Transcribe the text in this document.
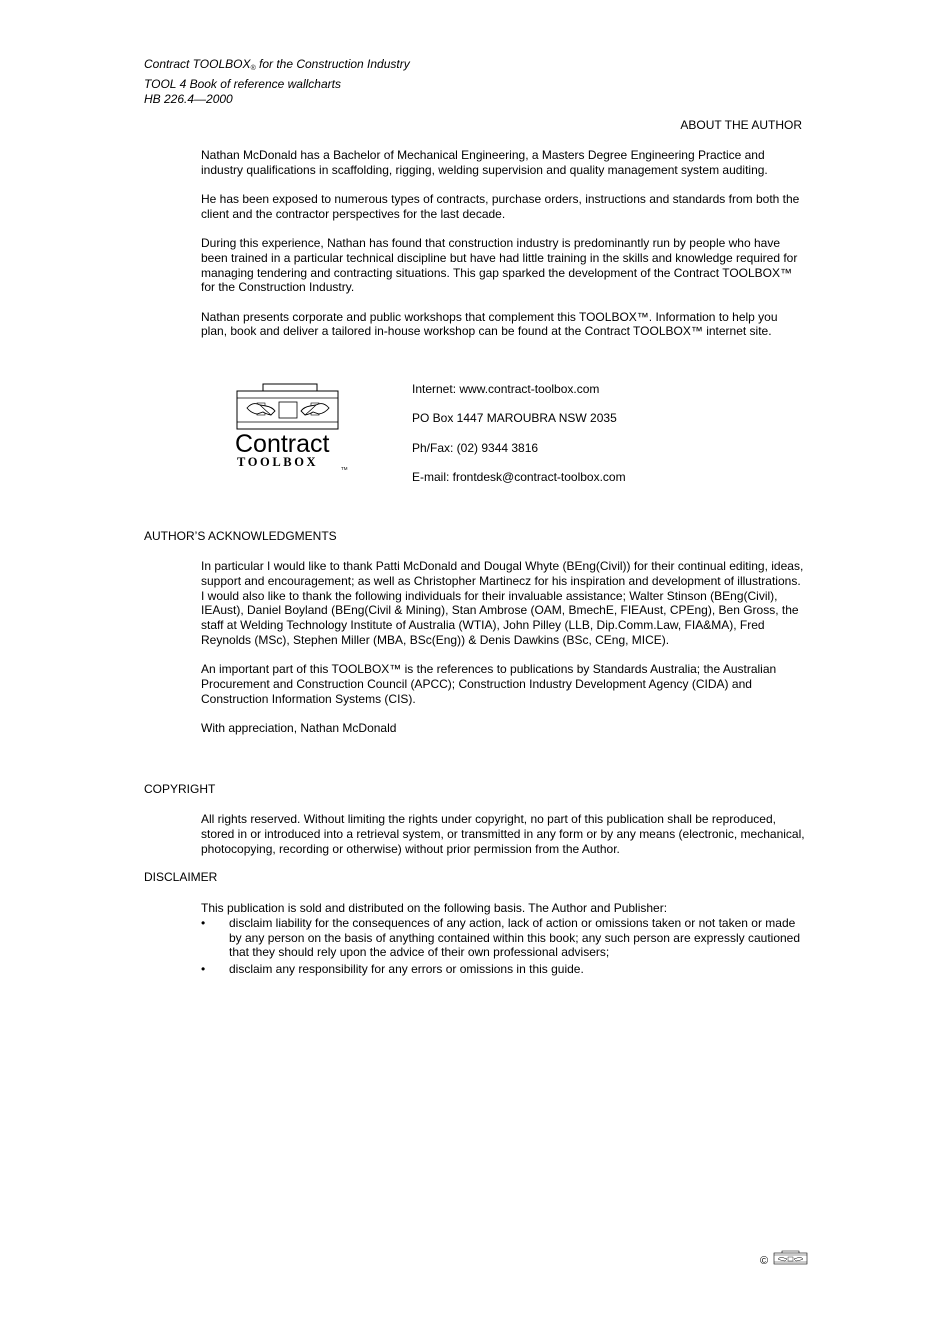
Contract $TOOLBOX_®$ for the Construction Industry
TOOL 4 Book of reference wallcharts
HB 226.4—2000
ABOUT THE AUTHOR

Nathan McDonald has a Bachelor of Mechanical Engineering, a Masters Degree Engineering Practice and industry qualifications in scaffolding, rigging, welding supervision and quality management system auditing.

He has been exposed to numerous types of contracts, purchase orders, instructions and standards from both the client and the contractor perspectives for the last decade.

During this experience, Nathan has found that construction industry is predominantly run by people who have been trained in a particular technical discipline but have had little training in the skills and knowledge required for managing tendering and contracting situations. This gap sparked the development of the Contract TOOLBOX™ for the Construction Industry.

Nathan presents corporate and public workshops that complement this TOOLBOX™. Information to help you plan, book and deliver a tailored in-house workshop can be found at the Contract TOOLBOX™ internet site.

Contract
TOOLBOX	TM
Internet: www.contract-toolbox.com
PO Box 1447 MAROUBRA NSW 2035
Ph/Fax: (02) 9344 3816
E-mail: frontdesk@contract-toolbox.com
AUTHOR’S ACKNOWLEDGMENTS

In particular I would like to thank Patti McDonald and Dougal Whyte (BEng(Civil)) for their continual editing, ideas, support and encouragement; as well as Christopher Martinecz for his inspiration and development of illustrations. I would also like to thank the following individuals for their invaluable assistance; Walter Stinson (BEng(Civil), IEAust), Daniel Boyland (BEng(Civil & Mining), Stan Ambrose (OAM, BmechE, FIEAust, CPEng), Ben Gross, the staff at Welding Technology Institute of Australia (WTIA), John Pilley (LLB, Dip.Comm.Law, FIA&MA), Fred Reynolds (MSc), Stephen Miller (MBA, BSc(Eng)) & Denis Dawkins (BSc, CEng, MICE).

An important part of this TOOLBOX™ is the references to publications by Standards Australia; the Australian Procurement and Construction Council (APCC); Construction Industry Development Agency (CIDA) and Construction Information Systems (CIS).

With appreciation, Nathan McDonald

COPYRIGHT

All rights reserved. Without limiting the rights under copyright, no part of this publication shall be reproduced, stored in or introduced into a retrieval system, or transmitted in any form or by any means (electronic, mechanical, photocopying, recording or otherwise) without prior permission from the Author.

DISCLAIMER
This publication is sold and distributed on the following basis. The Author and Publisher:
• disclaim liability for the consequences of any action, lack of action or omissions taken or not taken or made by any person on the basis of anything contained within this book; any such person are expressly cautioned that they should rely upon the advice of their own professional advisers;
• disclaim any responsibility for any errors or omissions in this guide.
©
